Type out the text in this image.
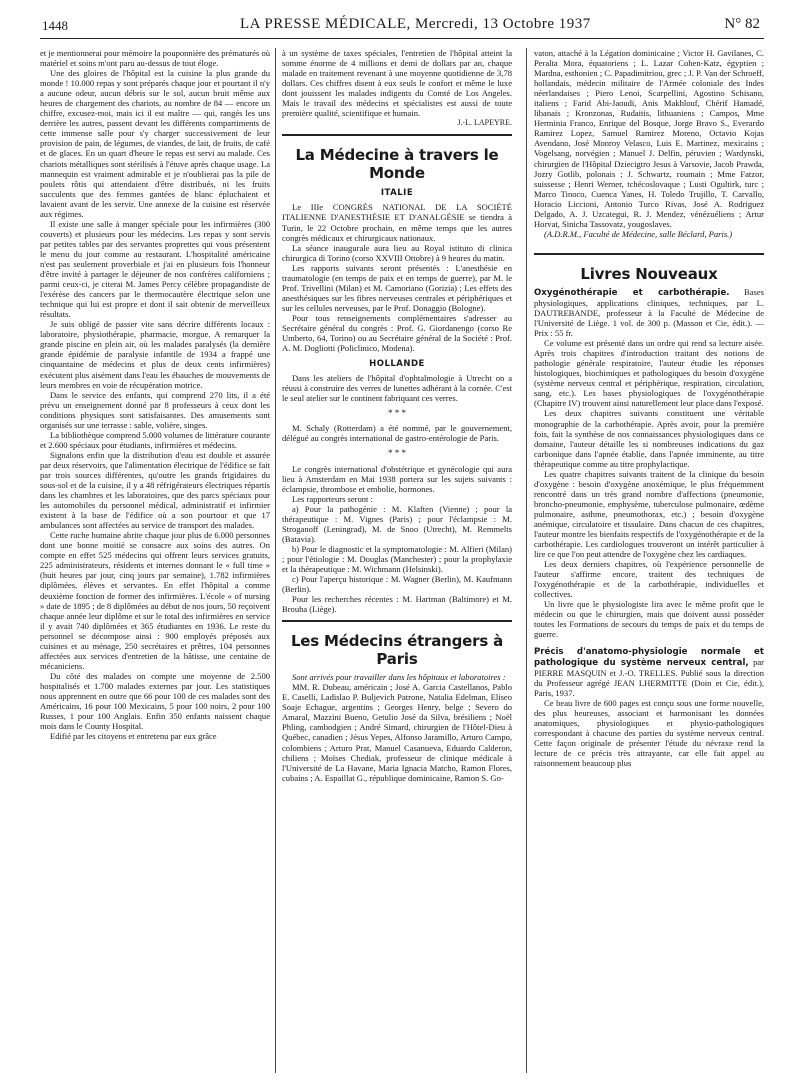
1448	LA PRESSE MÉDICALE, Mercredi, 13 Octobre 1937	N° 82

et je mentionnerai pour mémoire la pouponnière des prématurés où matériel et soins m'ont paru au-dessus de tout éloge.

Une des gloires de l'hôpital est la cuisine la plus grande du monde ! 10.000 repas y sont préparés chaque jour et pourtant il n'y a aucune odeur, aucun débris sur le sol, aucun bruit même aux heures de chargement des chariots, au nombre de 84 — encore un chiffre, excusez-moi, mais ici il est maître — qui, rangés les uns derrière les autres, passent devant les différents compartiments de cette immense salle pour s'y charger successivement de leur provision de pain, de légumes, de viandes, de lait, de fruits, de café et de glaces. En un quart d'heure le repas est servi au malade. Ces chariots métalliques sont stérilisés à l'étuve après chaque usage. La mannequin est vraiment admirable et je n'oublierai pas la pile de poulets rôtis qui attendaient d'être distribués, ni les fruits succulents que des femmes gantées de blanc épluchaient et lavaient avant de les servir. Une annexe de la cuisine est réservée aux régimes.

Il existe une salle à manger spéciale pour les infirmières (300 couverts) et plusieurs pour les médecins. Les repas y sont servis par petites tables par des servantes proprettes qui vous présentent le menu du jour comme au restaurant. L'hospitalité américaine n'est pas seulement proverbiale et j'ai en plusieurs fois l'honneur d'être invité à partager le déjeuner de nos confrères californiens ; parmi ceux-ci, je citerai M. James Percy célèbre propagandiste de l'exérèse des cancers par le thermocautère électrique selon une technique qui lui est propre et dont il sait obtenir de merveilleux résultats.

Je suis obligé de passer vite sans décrire différents locaux : laboratoire, physiothérapie, pharmacie, morgue. A remarquer la grande piscine en plein air, où les malades paralysés (la dernière grande épidémie de paralysie infantile de 1934 a frappé une cinquantaine de médecins et plus de deux cents infirmières) exécutent plus aisément dans l'eau les ébauches de mouvements de leurs membres en voie de récupération motrice.

Dans le service des enfants, qui comprend 270 lits, il a été prévu un enseignement donné par 8 professeurs à ceux dont les conditions physiques sont satisfaisantes. Des amusements sont organisés sur une terrasse : sable, volière, singes.

La bibliothèque comprend 5.000 volumes de littérature courante et 2.600 spéciaux pour étudiants, infirmières et médecins.

Signalons enfin que la distribution d'eau est double et assurée par deux réservoirs, que l'alimentation électrique de l'édifice se fait par trois sources différentes, qu'outre les grands frigidaires du sous-sol et de la cuisine, il y a 48 réfrigérateurs électriques répartis dans les chambres et les laboratoires, que des parcs spéciaux pour les automobiles du personnel médical, administratif et infirmier existent à la base de l'édifice où a son pourtour et que 17 ambulances sont affectées au service de transport des malades.

Cette ruche humaine abrite chaque jour plus de 6.000 personnes dont une bonne moitié se consacre aux soins des autres. On compte en effet 525 médecins qui offrent leurs services gratuits, 225 administrateurs, résidents et internes donnant le « full time » (huit heures par jour, cinq jours par semaine), 1.782 infirmières diplômées, élèves et servantes. En effet l'hôpital a comme deuxième fonction de former des infirmières. L'école « of nursing » date de 1895 ; de 8 diplômées au début de nos jours, 50 reçoivent chaque année leur diplôme et sur le total des infirmières en service il y avait 740 diplômées et 365 étudiantes en 1936. Le reste du personnel se décompose ainsi : 900 employés préposés aux cuisines et au ménage, 250 secrétaires et prêtres, 104 personnes affectées aux services d'entretien de la bâtisse, une centaine de mécaniciens.

Du côté des malades on compte une moyenne de 2.500 hospitalisés et 1.700 malades externes par jour. Les statistiques nous apprennent en outre que 66 pour 100 de ces malades sont des Américains, 16 pour 100 Mexicains, 5 pour 100 noirs, 2 pour 100 Russes, 1 pour 100 Anglais. Enfin 350 enfants naissent chaque mois dans le County Hospital.

Edifié par les citoyens et entretenu par eux grâce

à un système de taxes spéciales, l'entretien de l'hôpital atteint la somme énorme de 4 millions et demi de dollars par an, chaque malade en traitement revenant à une moyenne quotidienne de 3,78 dollars. Ces chiffres disent à eux seuls le confort et même le luxe dont jouissent les malades indigents du Comté de Los Angeles. Mais le travail des médecins et spécialistes est aussi de toute première qualité, scientifique et humain.

J.-L. LAPEYRE.

La Médecine à travers le Monde
ITALIE

Le IIIe CONGRÈS NATIONAL DE LA SOCIÉTÉ ITALIENNE D'ANESTHÉSIE ET D'ANALGÉSIE se tiendra à Turin, le 22 Octobre prochain, en même temps que les autres congrès médicaux et chirurgicaux nationaux.

La séance inaugurale aura lieu au Royal istituto di clinica chirurgica di Torino (corso XXVIII Ottobre) à 9 heures du matin.

Les rapports suivants seront présentés : L'anesthésie en traumatologie (en temps de paix et en temps de guerre), par M. le Prof. Trivellini (Milan) et M. Camoriano (Gorizia) ; Les effets des anesthésiques sur les fibres nerveuses centrales et périphériques et sur les cellules nerveuses, par le Prof. Donaggio (Bologne).

Pour tous renseignements complémentaires s'adresser au Secrétaire général du congrès : Prof. G. Giordanengo (corso Re Umberto, 64, Torino) ou au Secrétaire général de la Société : Prof. A. M. Dogliotti (Policlinico, Modena).

HOLLANDE

Dans les ateliers de l'hôpital d'ophtalmologie à Utrecht on a réussi à construire des verres de lunettes adhérant à la cornée. C'est le seul atelier sur le continent fabriquant ces verres.

* * *

M. Schaly (Rotterdam) a été nommé, par le gouvernement, délégué au congrès international de gastro-entérologie de Paris.

* * *

Le congrès international d'obstétrique et gynécologie qui aura lieu à Amsterdam en Mai 1938 portera sur les sujets suivants : éclampsie, thrombose et embolie, hormones.

Les rapporteurs seront :

a) Pour la pathogénie : M. Klaften (Vienne) ; pour la thérapeutique : M. Vignes (Paris) ; pour l'éclampsie : M. Stroganoff (Leningrad), M. de Snoo (Utrecht), M. Remmelts (Batavia).

b) Pour le diagnostic et la symptomatologie : M. Alfieri (Milan) ; pour l'étiologie : M. Douglas (Manchester) ; pour la prophylaxie et la thérapeutique : M. Wichmann (Helsinski).

c) Pour l'aperçu historique : M. Wagner (Berlin), M. Kaufmann (Berlin).

Pour les recherches récentes : M. Hartman (Baltimore) et M. Brouha (Liège).

Les Médecins étrangers à Paris

Sont arrivés pour travailler dans les hôpitaux et laboratoires :

MM. R. Dubeau, américain ; José A. Garcia Castellanos, Pablo E. Caselli, Ladislao P. Buljevich Patrone, Natalia Edelman, Eliseo Soaje Echague, argentins ; Georges Henry, belge ; Severo do Amaral, Mazzini Bueno, Getulio José da Silva, brésiliens ; Noël Phling, cambodgien ; André Simard, chirurgien de l'Hôtel-Dieu à Québec, canadien ; Jésus Yepes, Alfonso Jaramillo, Arturo Campo, colombiens ; Arturo Prat, Manuel Casanueva, Eduardo Calderon, chiliens ; Moïses Chediak, professeur de clinique médicale à l'Université de La Havane, Maria Ignacia Matcho, Ramon Flores, cubains ; A. Espaillat G., république dominicaine, Ramon S. Go-

vaton, attaché à la Légation dominicaine ; Victor H. Gavilanes, C. Peralta Mora, équatoriens ; L. Lazar Cohen-Katz, égyptien ; Mardna, esthonien ; C. Papadimitriou, grec ; J. P. Van der Schroeff, hollandais, médecin militaire de l'Armée coloniale des Indes néerlandaises ; Piero Lenoi, Scarpellini, Agostino Schisano, italiens ; Farid Abi-Jaoudi, Anis Makhlouf, Chérif Hamadé, libanais ; Kronzonas, Rudaitis, lithuaniens ; Campos, Mme Herminia Franco, Enrique del Bosque, Jorge Bravo S., Everardo Ramirez Lopez, Samuel Ramirez Moreno, Octavio Kojas Avendano, José Monroy Velasco, Luis E. Martinez, mexicains ; Vogelsang, norvégien ; Manuel J. Delfin, péruvien ; Wardynski, chirurgien de l'Hôpital Dziecigtro Jesus à Varsovie, Jacob Prawda, Jozry Gotlib, polonais ; J. Schwartz, roumain ; Mme Fatzor, suissesse ; Henri Werner, tchécoslovaque ; Lusti Ogultirk, turc ; Marco Tinoco, Cuenca Yanes, H. Toledo Trujillo, T. Carvallo, Horacio Liccioni, Antonio Turco Rivas, José A. Rodriguez Delgado, A. J. Uzcategui, R. J. Mendez, vénézuéliens ; Artur Horvat, Sinicha Tassovatz, yougoslaves.

(A.D.R.M., Faculté de Médecine, salle Béclard, Paris.)

Livres Nouveaux

Oxygénothérapie et carbothérapie. Bases physiologiques, applications cliniques, techniques, par L. DAUTREBANDE, professeur à la Faculté de Médecine de l'Université de Liège. 1 vol. de 300 p. (Masson et Cie, édit.). — Prix : 55 fr.

Ce volume est présenté dans un ordre qui rend sa lecture aisée. Après trois chapitres d'introduction traitant des notions de pathologie générale respiratoire, l'auteur étudie les réponses histologiques, biochimiques et pathologiques du besoin d'oxygène (système nerveux central et périphérique, respiration, circulation, sang, etc.). Les bases physiologiques de l'oxygénothérapie (Chapitre IV) trouvent ainsi naturellement leur place dans l'exposé.

Les deux chapitres suivants constituent une véritable monographie de la carbothérapie. Après avoir, pour la première fois, fait la synthèse de nos connaissances physiologiques dans ce domaine, l'auteur détaille les si nombreuses indications du gaz carbonique dans l'apnée établie, dans l'apnée imminente, au titre thérapeutique comme au titre prophylactique.

Les quatre chapitres suivants traitent de la clinique du besoin d'oxygène : besoin d'oxygène anoxémique, le plus fréquemment rencontré dans un très grand nombre d'affections (pneumonie, broncho-pneumonie, emphysème, tuberculose pulmonaire, œdème pulmonaire, asthme, pneumothorax, etc.) ; besoin d'oxygène anémique, circulatoire et tissulaire. Dans chacun de ces chapitres, l'auteur montre les bienfaits respectifs de l'oxygénothérapie et de la carbothérapie. Les cardiologues trouveront un intérêt particulier à lire ce que l'on peut attendre de l'oxygène chez les cardiaques.

Les deux derniers chapitres, où l'expérience personnelle de l'auteur s'affirme encore, traitent des techniques de l'oxygénothérapie et de la carbothérapie, individuelles et collectives.

Un livre que le physiologiste lira avec le même profit que le médecin ou que le chirurgien, mais que doivent aussi posséder toutes les Formations de secours du temps de paix et du temps de guerre.

Précis d'anatomo-physiologie normale et pathologique du système nerveux central, par PIERRE MASQUIN et J.-O. TRELLES. Publié sous la direction du Professeur agrégé JEAN LHERMITTE (Doin et Cie, édit.), Paris, 1937.

Ce beau livre de 600 pages est conçu sous une forme nouvelle, des plus heureuses, associant et harmonisant les données anatomiques, physiologiques et physio-pathologiques correspondant à chacune des parties du système nerveux central. Cette façon originale de présenter l'étude du névraxe rend la lecture de ce précis très attrayante, car elle fait appel au raisonnement beaucoup plus
